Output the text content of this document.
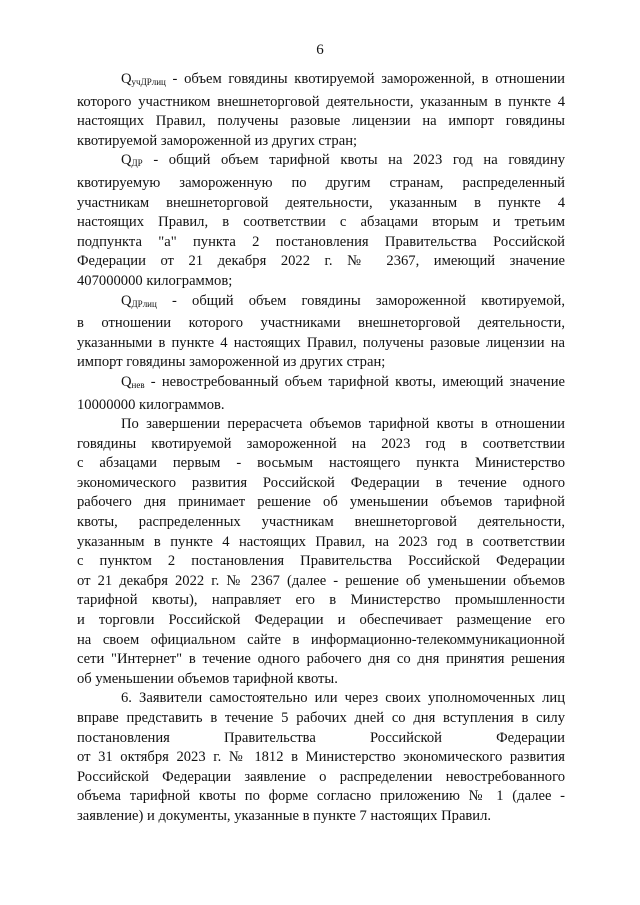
6
$Q_{учДРлиц}$ - объем говядины квотируемой замороженной, в отношении
которого участником внешнеторговой деятельности, указанным в пункте 4
настоящих Правил, получены разовые лицензии на импорт говядины
квотируемой замороженной из других стран;
$Q_{ДР}$ - общий объем тарифной квоты на 2023 год на говядину
квотируемую замороженную по другим странам, распределенный
участникам внешнеторговой деятельности, указанным в пункте 4
настоящих Правил, в соответствии с абзацами вторым и третьим
подпункта "а" пункта 2 постановления Правительства Российской
Федерации от 21 декабря 2022 г. № 2367, имеющий значение
407000000 килограммов;
$Q_{ДРлиц}$ - общий объем говядины замороженной квотируемой,
в отношении которого участниками внешнеторговой деятельности,
указанными в пункте 4 настоящих Правил, получены разовые лицензии на
импорт говядины замороженной из других стран;
$Q_{нев}$ - невостребованный объем тарифной квоты, имеющий значение
10000000 килограммов.
По завершении перерасчета объемов тарифной квоты в отношении
говядины квотируемой замороженной на 2023 год в соответствии
с абзацами первым - восьмым настоящего пункта Министерство
экономического развития Российской Федерации в течение одного
рабочего дня принимает решение об уменьшении объемов тарифной
квоты, распределенных участникам внешнеторговой деятельности,
указанным в пункте 4 настоящих Правил, на 2023 год в соответствии
с пунктом 2 постановления Правительства Российской Федерации
от 21 декабря 2022 г. № 2367 (далее - решение об уменьшении объемов
тарифной квоты), направляет его в Министерство промышленности
и торговли Российской Федерации и обеспечивает размещение его
на своем официальном сайте в информационно-телекоммуникационной
сети "Интернет" в течение одного рабочего дня со дня принятия решения
об уменьшении объемов тарифной квоты.
6. Заявители самостоятельно или через своих уполномоченных лиц
вправе представить в течение 5 рабочих дней со дня вступления в силу
постановления Правительства Российской Федерации
от 31 октября 2023 г. № 1812 в Министерство экономического развития
Российской Федерации заявление о распределении невостребованного
объема тарифной квоты по форме согласно приложению № 1 (далее -
заявление) и документы, указанные в пункте 7 настоящих Правил.
